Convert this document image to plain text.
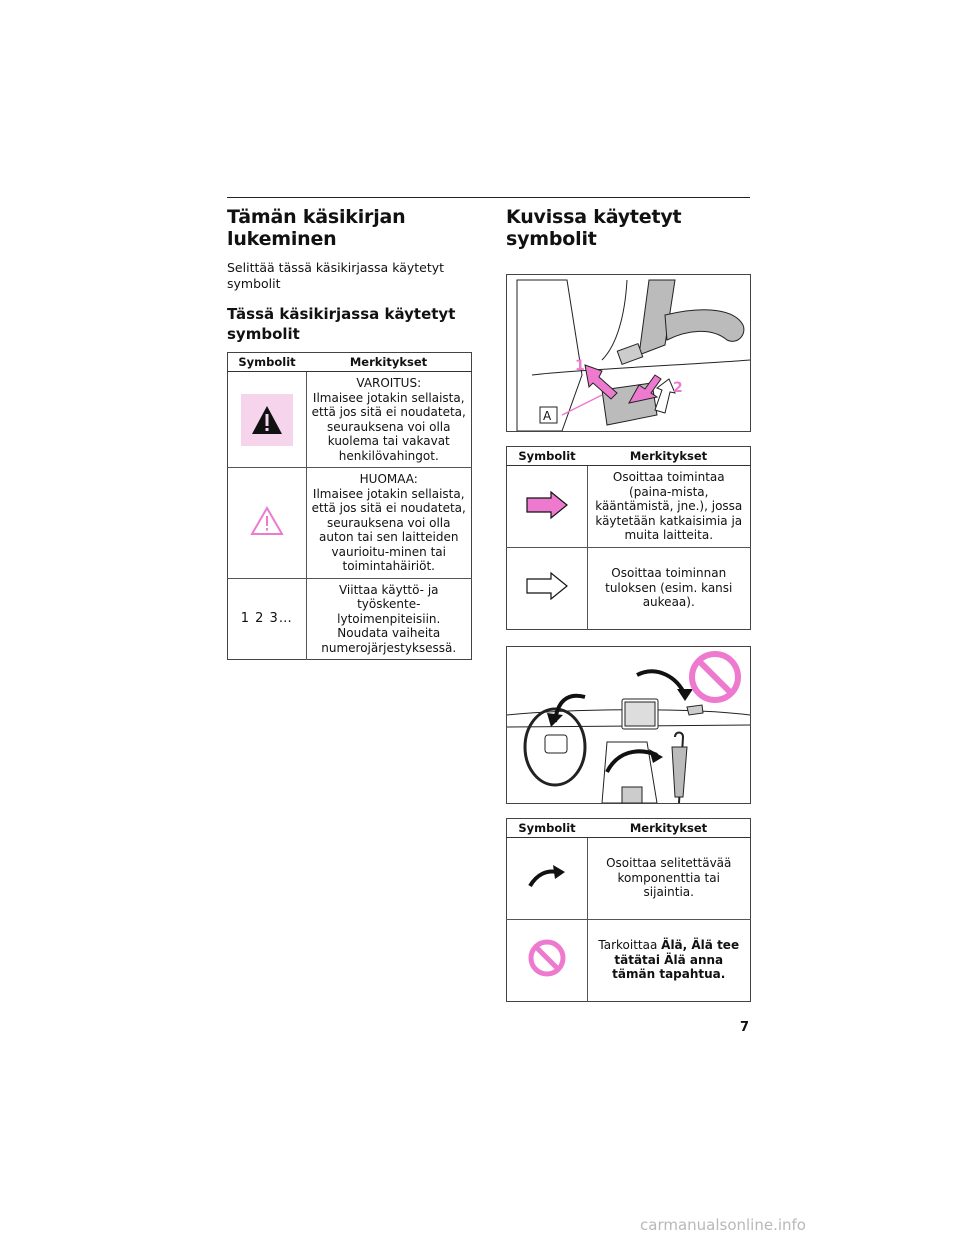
Tämän käsikirjan lukeminen

Selittää tässä käsikirjassa käytetyt symbolit

Tässä käsikirjassa käytetyt symbolit
Symbolit	Merkitykset

	VAROITUS:
Ilmaisee jotakin sellaista, että jos sitä ei noudateta, seurauksena voi olla kuolema tai vakavat henkilövahingot.
	HUOMAA:
Ilmaisee jotakin sellaista, että jos sitä ei noudateta, seurauksena voi olla auton tai sen laitteiden vaurioitu-minen tai toimintahäiriöt.
1 2 3…	Viittaa käyttö- ja työskente-lytoimenpiteisiin. Noudata vaiheita numerojärjestyksessä.
Kuvissa käytetyt symbolit
1
2
A
Symbolit	Merkitykset
	Osoittaa toimintaa (paina-mista, kääntämistä, jne.), jossa käytetään katkaisimia ja muita laitteita.
	Osoittaa toiminnan tuloksen (esim. kansi aukeaa).
Symbolit	Merkitykset
	Osoittaa selitettävää komponenttia tai sijaintia.
	Tarkoittaa Älä, Älä tee tätätai Älä anna tämän tapahtua.
7
carmanualsonline.info
